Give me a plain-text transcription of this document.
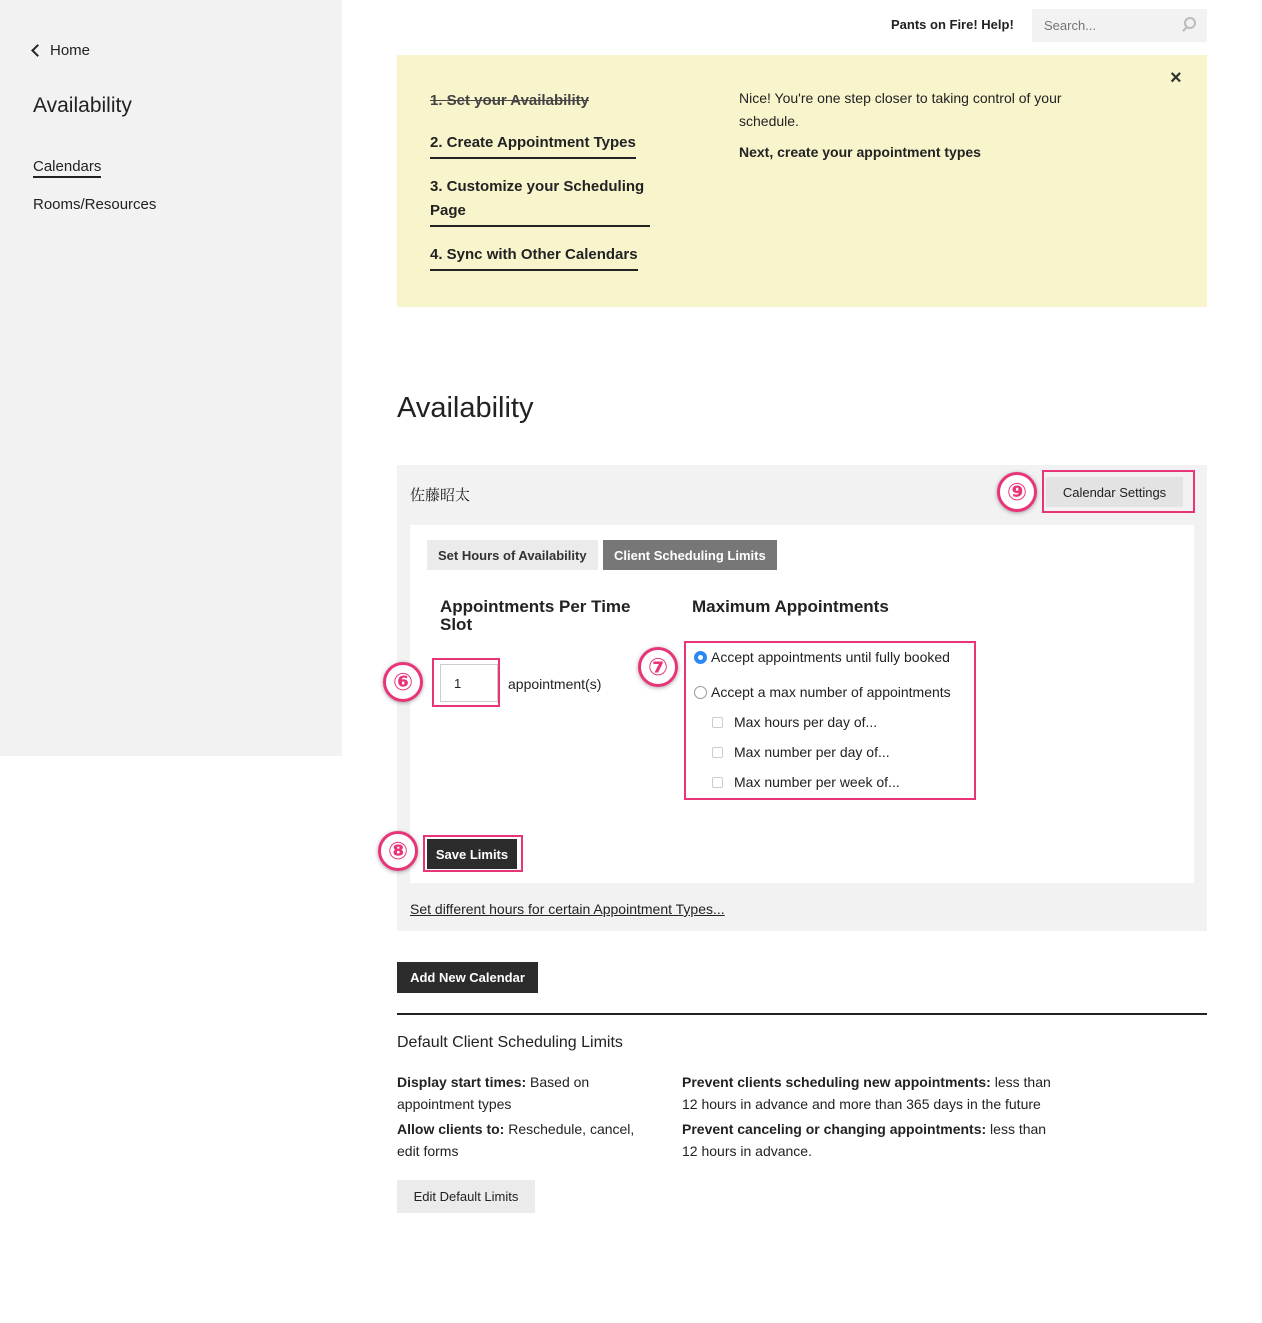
Home
Availability
Calendars
Rooms/Resources
Pants on Fire! Help!
Search...
1. Set your Availability
2. Create Appointment Types
3. Customize your Scheduling Page
4. Sync with Other Calendars
Nice! You're one step closer to taking control of your schedule.
Next, create your appointment types
×
Availability
佐藤昭太	Calendar Settings
Set Hours of Availability	Client Scheduling Limits
Appointments Per Time Slot
Maximum Appointments
1
appointment(s)
Accept appointments until fully booked
Accept a max number of appointments
Max hours per day of...
Max number per day of...
Max number per week of...
Save Limits
Set different hours for certain Appointment Types...
⑥
⑦
⑧
⑨
Add New Calendar
Default Client Scheduling Limits
Display start times: Based on appointment types
Allow clients to: Reschedule, cancel, edit forms
Prevent clients scheduling new appointments: less than 12 hours in advance and more than 365 days in the future
Prevent canceling or changing appointments: less than 12 hours in advance.
Edit Default Limits
